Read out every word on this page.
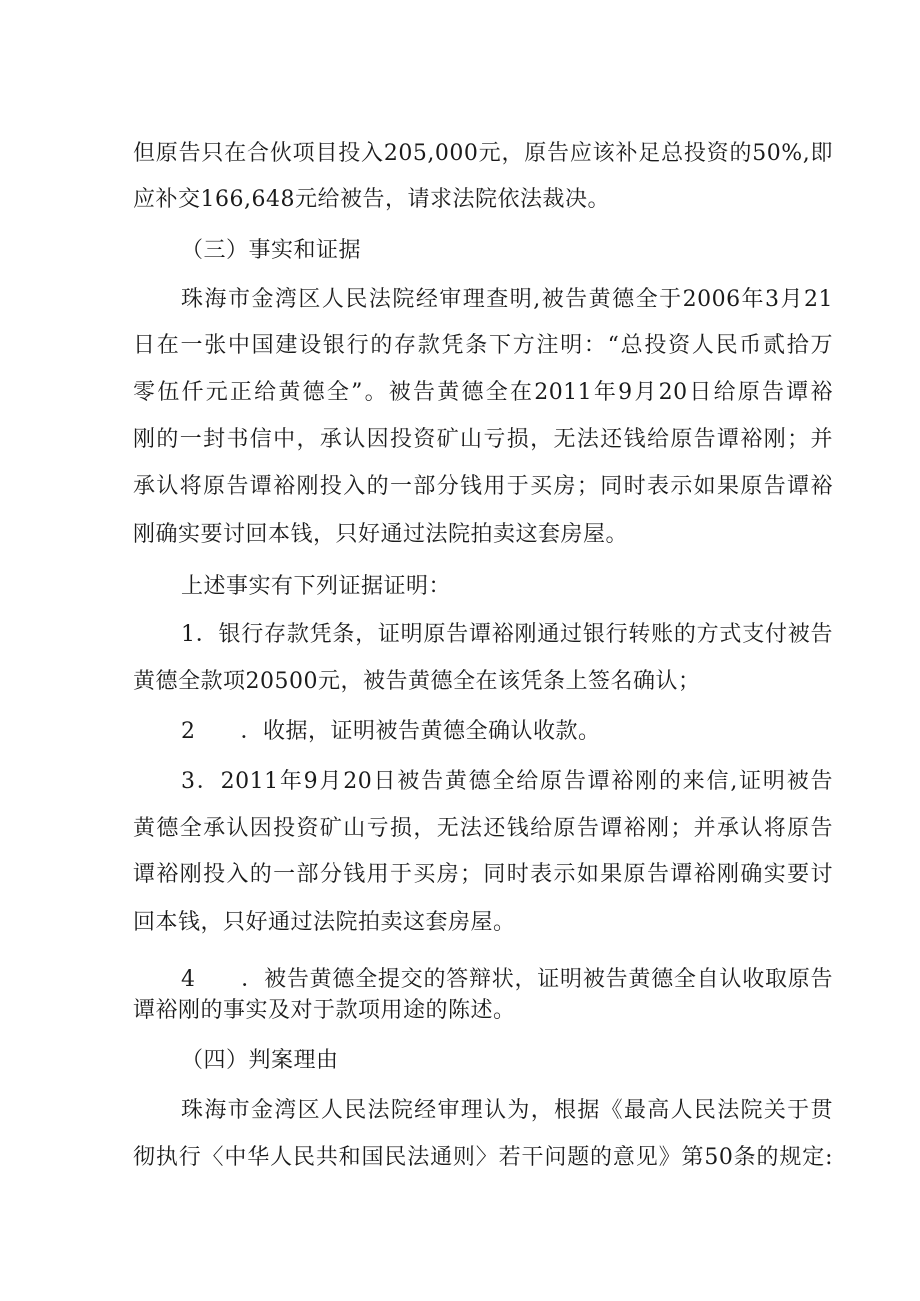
但原告只在合伙项目投入205,000元，原告应该补足总投资的50%,即
应补交166,648元给被告，请求法院依法裁决。
（三）事实和证据
珠海市金湾区人民法院经审理查明,被告黄德全于2006年3月21
日在一张中国建设银行的存款凭条下方注明：“总投资人民币贰拾万
零伍仟元正给黄德全”。被告黄德全在2011年9月20日给原告谭裕
刚的一封书信中，承认因投资矿山亏损，无法还钱给原告谭裕刚；并
承认将原告谭裕刚投入的一部分钱用于买房；同时表示如果原告谭裕
刚确实要讨回本钱，只好通过法院拍卖这套房屋。
上述事实有下列证据证明：
1．银行存款凭条，证明原告谭裕刚通过银行转账的方式支付被告
黄德全款项20500元，被告黄德全在该凭条上签名确认；
2　　．收据，证明被告黄德全确认收款。
3．2011年9月20日被告黄德全给原告谭裕刚的来信,证明被告
黄德全承认因投资矿山亏损，无法还钱给原告谭裕刚；并承认将原告
谭裕刚投入的一部分钱用于买房；同时表示如果原告谭裕刚确实要讨
回本钱，只好通过法院拍卖这套房屋。
4　　．被告黄德全提交的答辩状，证明被告黄德全自认收取原告
谭裕刚的事实及对于款项用途的陈述。
（四）判案理由
珠海市金湾区人民法院经审理认为，根据《最高人民法院关于贯
彻执行〈中华人民共和国民法通则〉若干问题的意见》第50条的规定:
